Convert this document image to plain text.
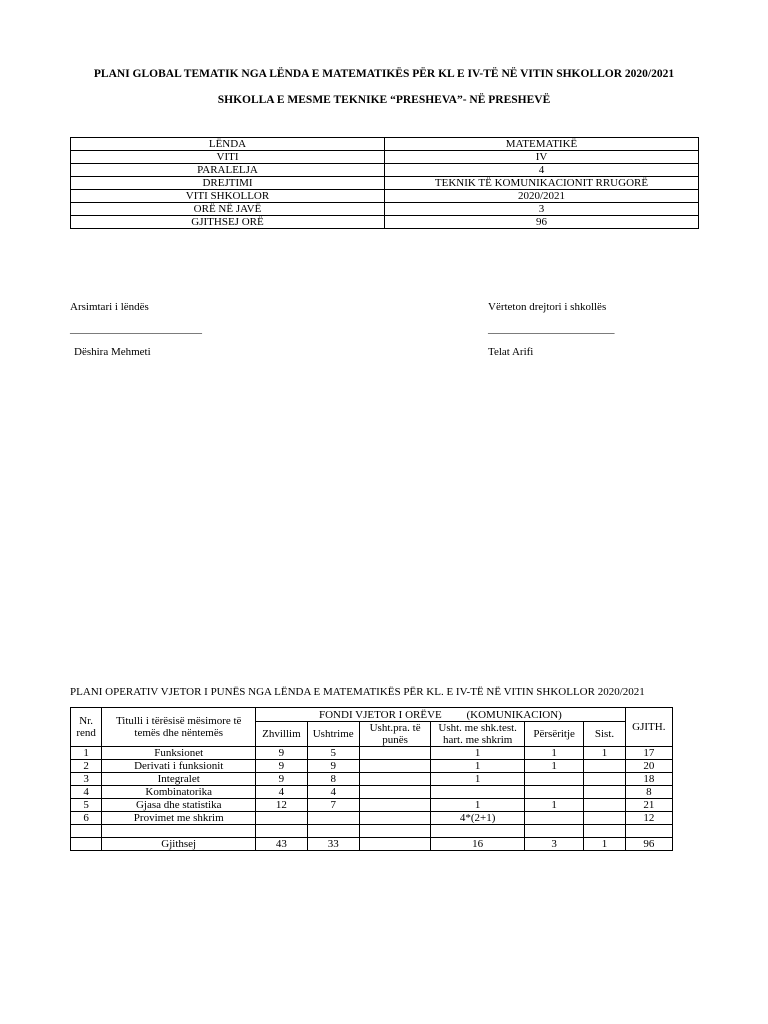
PLANI GLOBAL TEMATIK NGA LËNDA E MATEMATIKËS PËR KL E IV-TË NË VITIN SHKOLLOR 2020/2021
SHKOLLA E MESME TEKNIKE “PRESHEVA”- NË PRESHEVË
LËNDA	MATEMATIKË
VITI	IV
PARALELJA	4
DREJTIMI	TEKNIK TË KOMUNIKACIONIT RRUGORË
VITI SHKOLLOR	2020/2021
ORË NË JAVË	3
GJITHSEJ ORË	96
Arsimtari i lëndës
________________________
Dëshira Mehmeti
Vërteton drejtori i shkollës
_______________________
Telat Arifi
PLANI OPERATIV VJETOR I PUNËS NGA LËNDA E MATEMATIKËS PËR KL. E IV-TË NË VITIN SHKOLLOR 2020/2021
Nr. rend	Titulli i tërësisë mësimore të temës dhe nëntemës	FONDI VJETOR I ORËVE (KOMUNIKACION)						GJITH.
		Zhvillim	Ushtrime	Usht.pra. të punës	Usht. me shk.test. hart. me shkrim	Përsëritje	Sist.	
1	Funksionet	9	5		1	1	1	17
2	Derivati i funksionit	9	9		1	1		20
3	Integralet	9	8		1			18
4	Kombinatorika	4	4					8
5	Gjasa dhe statistika	12	7		1	1		21
6	Provimet me shkrim				4*(2+1)			12

	Gjithsej	43	33		16	3	1	96
